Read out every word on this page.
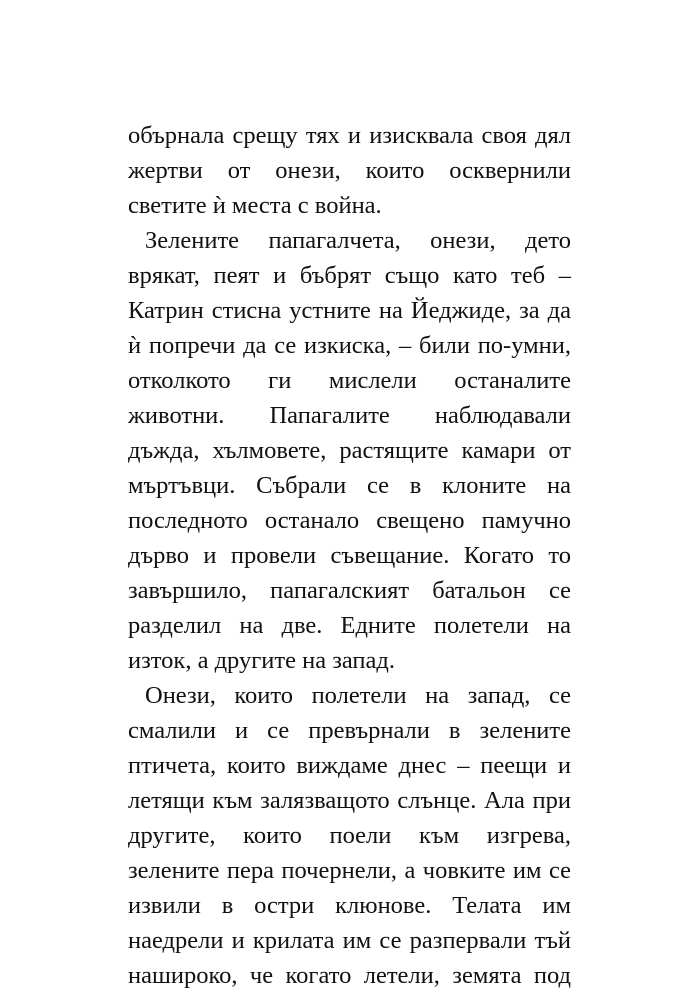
обърнала срещу тях и изисквала своя дял
жертви от онези, които осквернили
светите ѝ места с война.
Зелените папагалчета, онези, дето
врякат, пеят и бъбрят също като теб –
Катрин стисна устните на Йеджиде, за да
ѝ попречи да се изкиска, – били по-умни,
отколкото ги мислели останалите
животни. Папагалите наблюдавали
дъжда, хълмовете, растящите камари от
мъртъвци. Събрали се в клоните на
последното останало свещено памучно
дърво и провели съвещание. Когато то
завършило, папагалският батальон се
разделил на две. Едните полетели на
изток, а другите на запад.
Онези, които полетели на запад, се
смалили и се превърнали в зелените
птичета, които виждаме днес – пеещи и
летящи към залязващото слънце. Ала при
другите, които поели към изгрева,
зелените пера почернели, а човките им се
извили в остри клюнове. Телата им
наедрели и крилата им се разпервали тъй
нашироко, че когато летели, земята под
